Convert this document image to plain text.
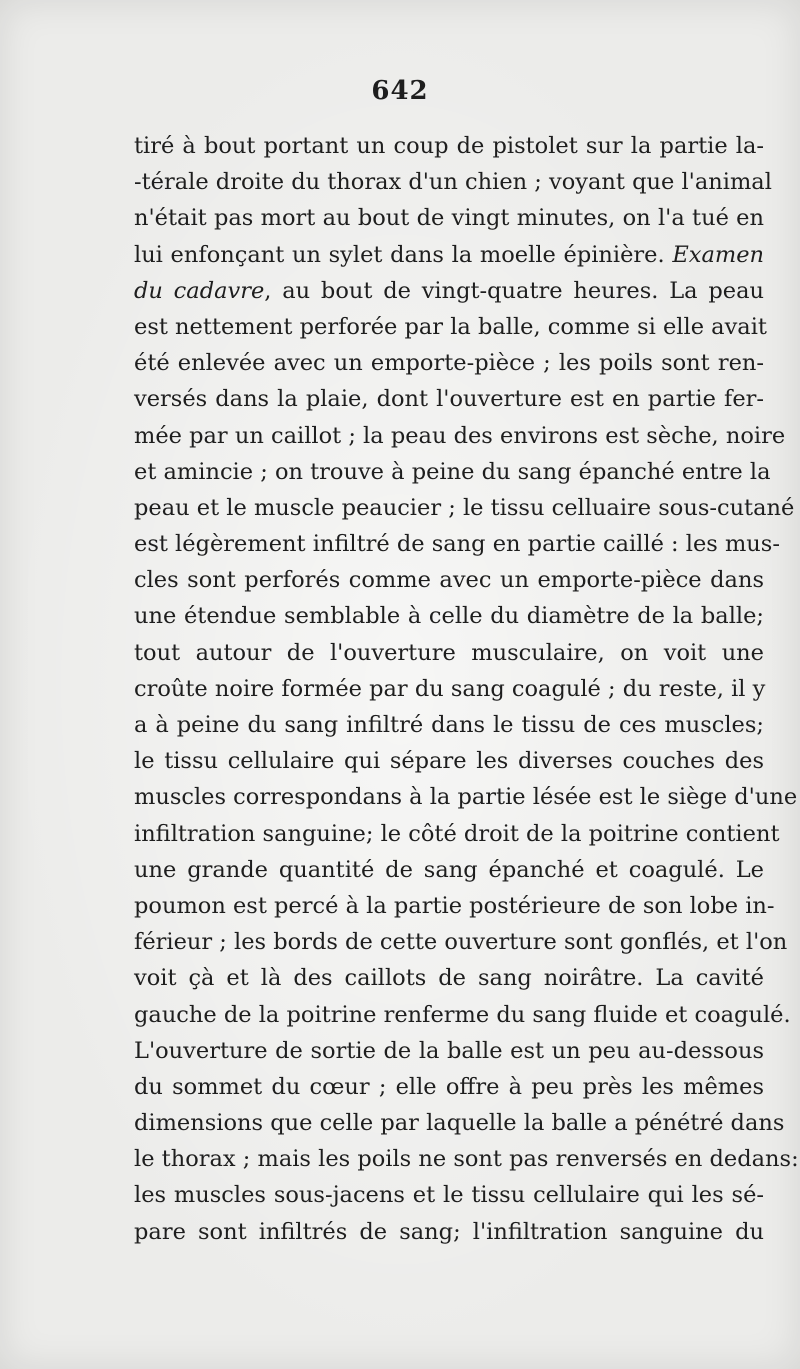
642
tiré à bout portant un coup de pistolet sur la partie la-
-térale droite du thorax d'un chien ; voyant que l'animal
n'était pas mort au bout de vingt minutes, on l'a tué en
lui enfonçant un sylet dans la moelle épinière. Examen
du cadavre, au bout de vingt-quatre heures. La peau
est nettement perforée par la balle, comme si elle avait
été enlevée avec un emporte-pièce ; les poils sont ren-
versés dans la plaie, dont l'ouverture est en partie fer-
mée par un caillot ; la peau des environs est sèche, noire
et amincie ; on trouve à peine du sang épanché entre la
peau et le muscle peaucier ; le tissu celluaire sous-cutané
est légèrement infiltré de sang en partie caillé : les mus-
cles sont perforés comme avec un emporte-pièce dans
une étendue semblable à celle du diamètre de la balle;
tout autour de l'ouverture musculaire, on voit une
croûte noire formée par du sang coagulé ; du reste, il y
a à peine du sang infiltré dans le tissu de ces muscles;
le tissu cellulaire qui sépare les diverses couches des
muscles correspondans à la partie lésée est le siège d'une
infiltration sanguine; le côté droit de la poitrine contient
une grande quantité de sang épanché et coagulé. Le
poumon est percé à la partie postérieure de son lobe in-
férieur ; les bords de cette ouverture sont gonflés, et l'on
voit çà et là des caillots de sang noirâtre. La cavité
gauche de la poitrine renferme du sang fluide et coagulé.
L'ouverture de sortie de la balle est un peu au-dessous
du sommet du cœur ; elle offre à peu près les mêmes
dimensions que celle par laquelle la balle a pénétré dans
le thorax ; mais les poils ne sont pas renversés en dedans:
les muscles sous-jacens et le tissu cellulaire qui les sé-
pare sont infiltrés de sang; l'infiltration sanguine du
